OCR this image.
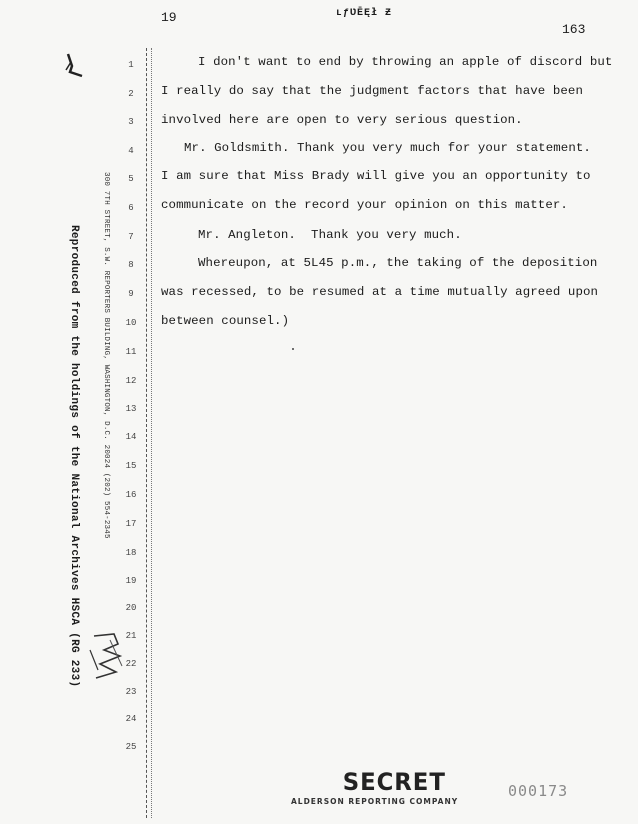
19	ʟƒƲĒĘł Ƶ
163
300 7TH STREET, S.W. REPORTERS BUILDING, WASHINGTON, D.C. 20024 (202) 554-2345
Reproduced from the holdings of the National Archives HSCA (RG 233)
1
2
3
4
5
6
7
8
9
10
11
12
13
14
15
16
17
18
19
20
21
22
23
24
25
I don't want to end by throwing an apple of discord but
I really do say that the judgment factors that have been
involved here are open to very serious question.
Mr. Goldsmith. Thank you very much for your statement.
I am sure that Miss Brady will give you an opportunity to
communicate on the record your opinion on this matter.
Mr. Angleton.  Thank you very much.
Whereupon, at 5L45 p.m., the taking of the deposition
was recessed, to be resumed at a time mutually agreed upon
between counsel.)
SECRET
ALDERSON REPORTING COMPANY
000173
